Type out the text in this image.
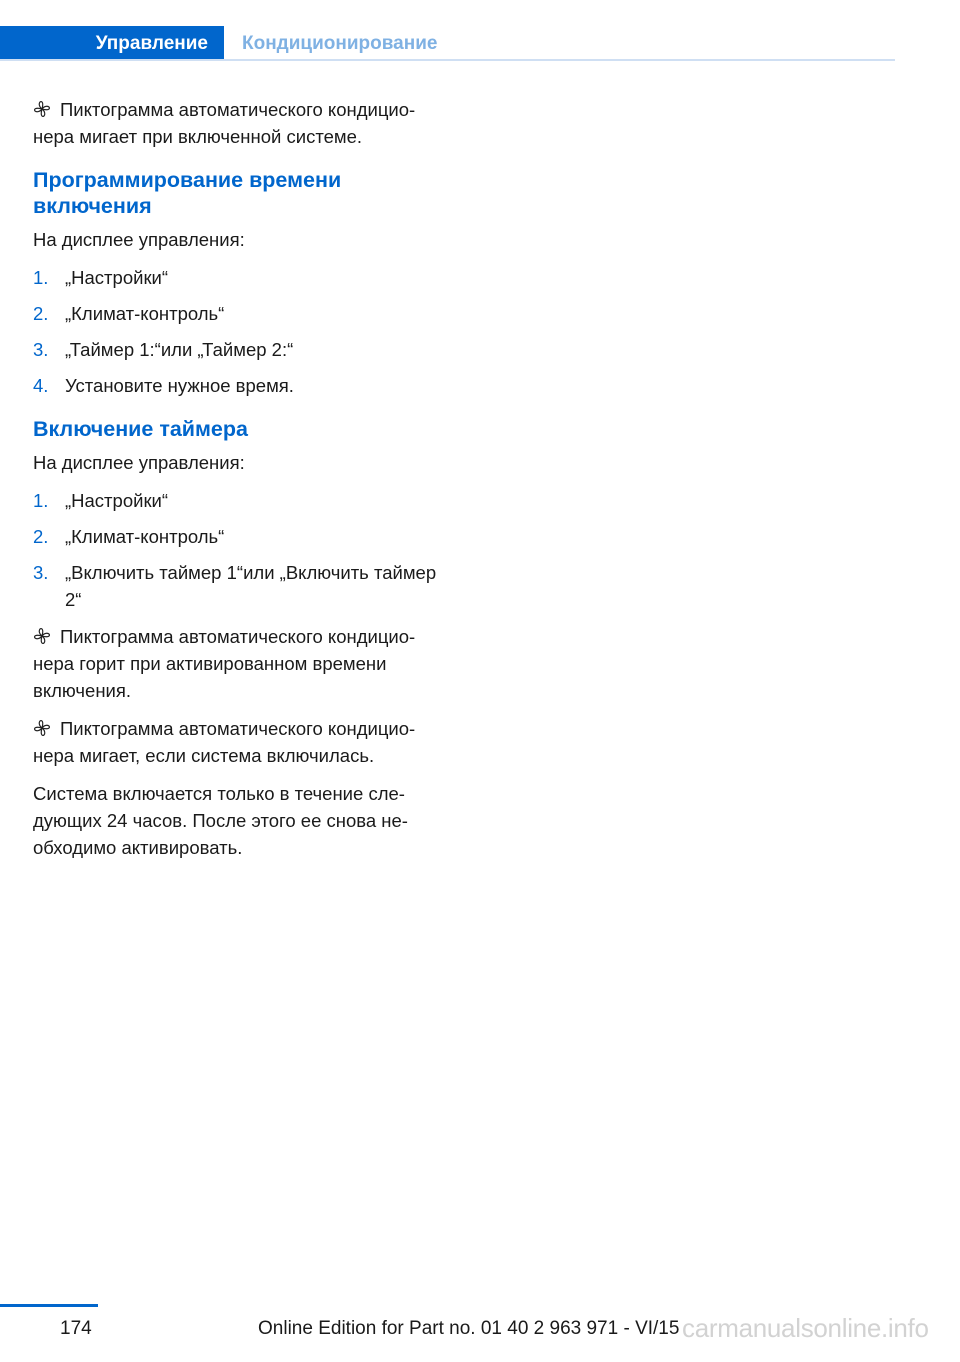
Управление Кондиционирование

Пиктограмма автоматического кондицио-нера мигает при включенной системе.

Программирование времени включения

На дисплее управления:

1. „Настройки“
2. „Климат-контроль“
3. „Таймер 1:“или „Таймер 2:“
4. Установите нужное время.
Включение таймера

На дисплее управления:

1. „Настройки“
2. „Климат-контроль“
3. „Включить таймер 1“или „Включить таймер 2“

Пиктограмма автоматического кондицио-нера горит при активированном времени включения.

Пиктограмма автоматического кондицио-нера мигает, если система включилась.

Система включается только в течение сле-дующих 24 часов. После этого ее снова не-обходимо активировать.

174	Online Edition for Part no. 01 40 2 963 971 - VI/15 carmanualsonline.info
